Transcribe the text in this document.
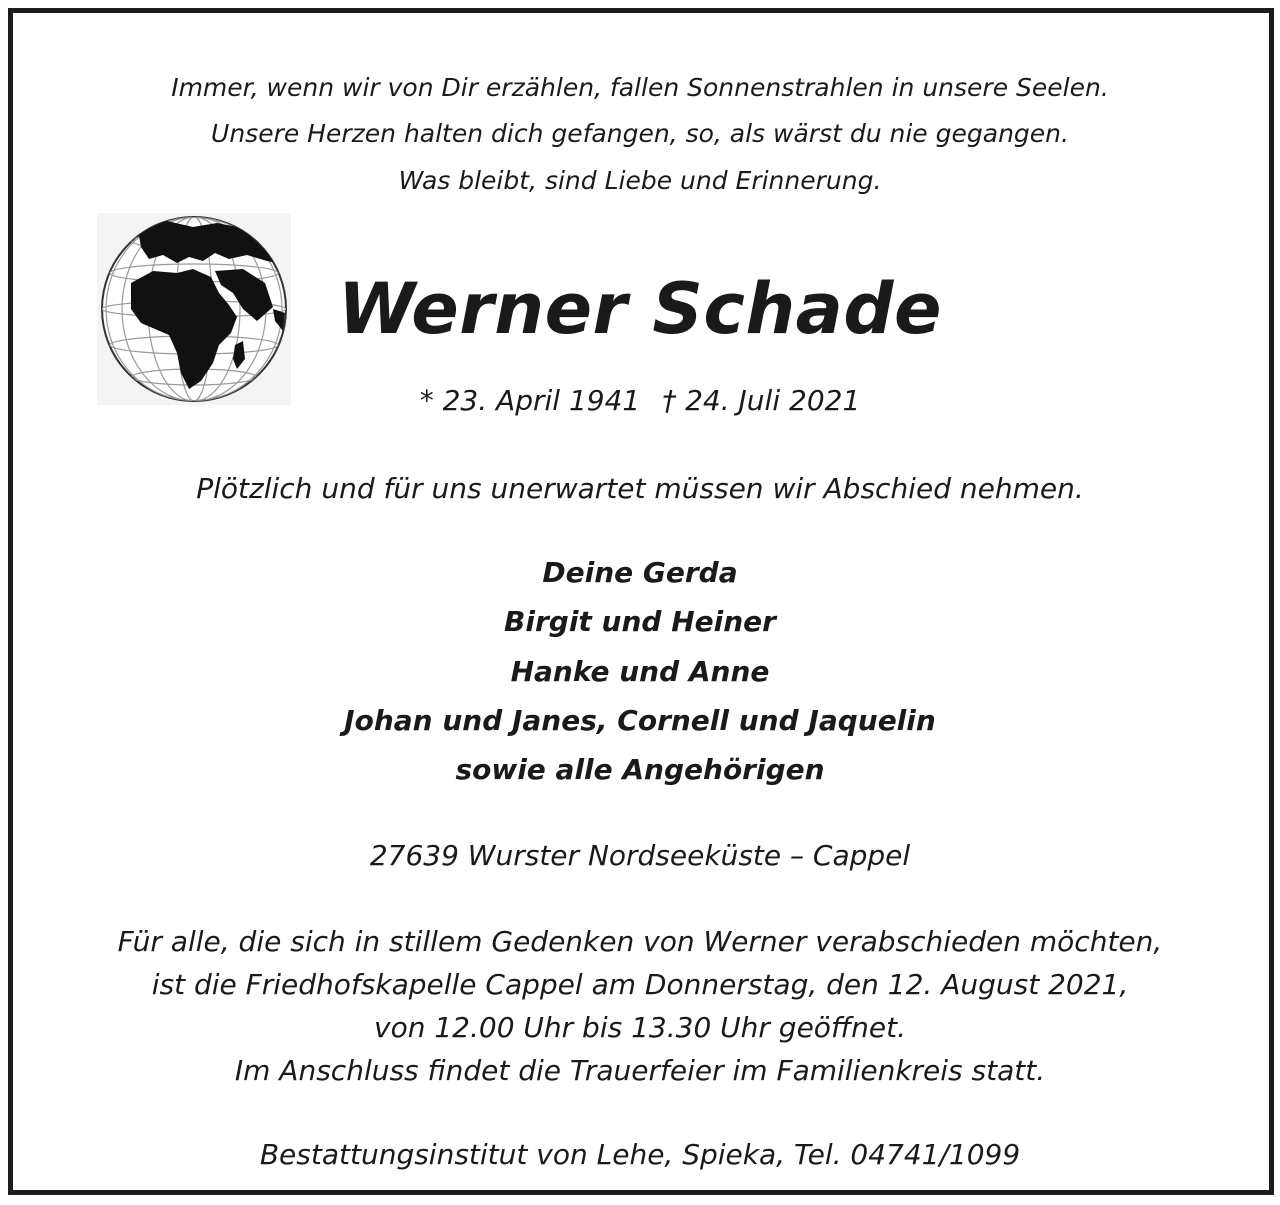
Immer, wenn wir von Dir erzählen, fallen Sonnenstrahlen in unsere Seelen.
Unsere Herzen halten dich gefangen, so, als wärst du nie gegangen.
Was bleibt, sind Liebe und Erinnerung.
Werner Schade
* 23. April 1941 † 24. Juli 2021
Plötzlich und für uns unerwartet müssen wir Abschied nehmen.
Deine Gerda
Birgit und Heiner
Hanke und Anne
Johan und Janes, Cornell und Jaquelin
sowie alle Angehörigen
27639 Wurster Nordseeküste – Cappel
Für alle, die sich in stillem Gedenken von Werner verabschieden möchten,
ist die Friedhofskapelle Cappel am Donnerstag, den 12. August 2021,
von 12.00 Uhr bis 13.30 Uhr geöffnet.
Im Anschluss findet die Trauerfeier im Familienkreis statt.
Bestattungsinstitut von Lehe, Spieka, Tel. 04741/1099
